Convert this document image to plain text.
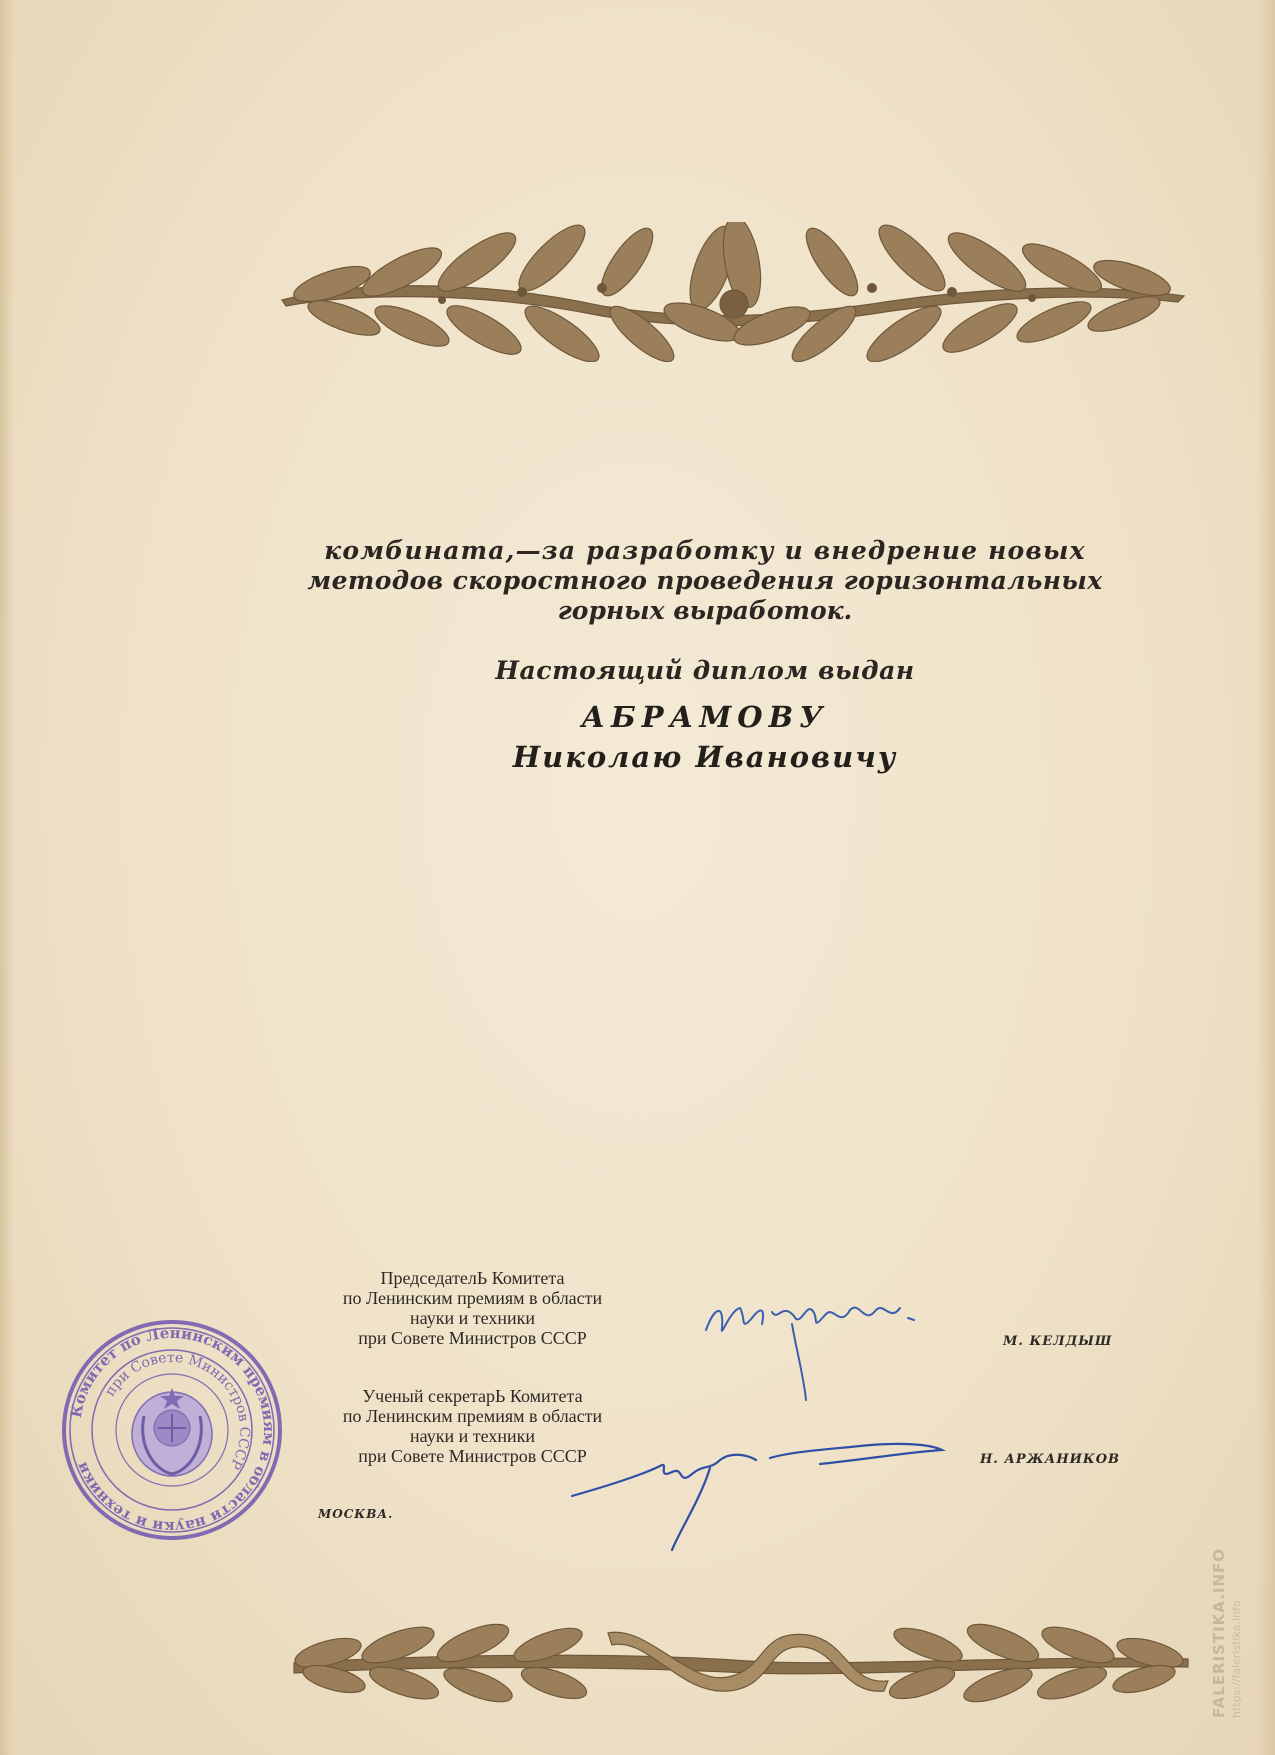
комбината,—за разработку и внедрение новых
методов скоростного проведения горизонтальных
горных выработок.
Настоящий диплом выдан
АБРАМОВУ
Николаю Ивановичу
ПредседателЬ Комитета
по Ленинским премиям в области
науки и техники
при Совете Министров СССР	М. КЕЛДЫШ
Ученый секретарЬ Комитета
по Ленинским премиям в области
науки и техники
при Совете Министров СССР	Н. АРЖАНИКОВ
МОСКВА.
Комитет по Ленинским премиям в области науки и техники
при Совете Министров СССР
FALERISTIKA.INFO https://faleristika.info
